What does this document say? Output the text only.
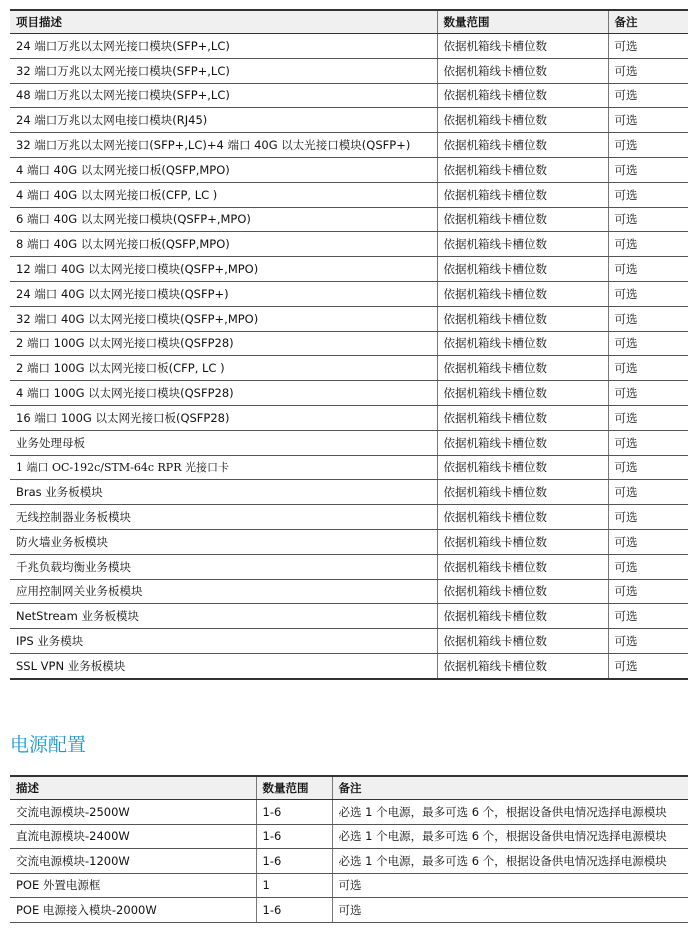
项目描述	数量范围	备注
24 端口万兆以太网光接口模块(SFP+,LC)	依据机箱线卡槽位数	可选
32 端口万兆以太网光接口模块(SFP+,LC)	依据机箱线卡槽位数	可选
48 端口万兆以太网光接口模块(SFP+,LC)	依据机箱线卡槽位数	可选
24 端口万兆以太网电接口模块(RJ45)	依据机箱线卡槽位数	可选
32 端口万兆以太网光接口(SFP+,LC)+4 端口 40G 以太光接口模块(QSFP+)	依据机箱线卡槽位数	可选
4 端口 40G 以太网光接口板(QSFP,MPO)	依据机箱线卡槽位数	可选
4 端口 40G 以太网光接口板(CFP, LC )	依据机箱线卡槽位数	可选
6 端口 40G 以太网光接口模块(QSFP+,MPO)	依据机箱线卡槽位数	可选
8 端口 40G 以太网光接口板(QSFP,MPO)	依据机箱线卡槽位数	可选
12 端口 40G 以太网光接口模块(QSFP+,MPO)	依据机箱线卡槽位数	可选
24 端口 40G 以太网光接口模块(QSFP+)	依据机箱线卡槽位数	可选
32 端口 40G 以太网光接口模块(QSFP+,MPO)	依据机箱线卡槽位数	可选
2 端口 100G 以太网光接口模块(QSFP28)	依据机箱线卡槽位数	可选
2 端口 100G 以太网光接口板(CFP, LC )	依据机箱线卡槽位数	可选
4 端口 100G 以太网光接口模块(QSFP28)	依据机箱线卡槽位数	可选
16 端口 100G 以太网光接口板(QSFP28)	依据机箱线卡槽位数	可选
业务处理母板	依据机箱线卡槽位数	可选
1 端口 OC-192c/STM-64c RPR 光接口卡	依据机箱线卡槽位数	可选
Bras 业务板模块	依据机箱线卡槽位数	可选
无线控制器业务板模块	依据机箱线卡槽位数	可选
防火墙业务板模块	依据机箱线卡槽位数	可选
千兆负载均衡业务模块	依据机箱线卡槽位数	可选
应用控制网关业务板模块	依据机箱线卡槽位数	可选
NetStream 业务板模块	依据机箱线卡槽位数	可选
IPS 业务模块	依据机箱线卡槽位数	可选
SSL VPN 业务板模块	依据机箱线卡槽位数	可选
电源配置
描述	数量范围	备注
交流电源模块-2500W	1-6	必选 1 个电源，最多可选 6 个，根据设备供电情况选择电源模块
直流电源模块-2400W	1-6	必选 1 个电源，最多可选 6 个，根据设备供电情况选择电源模块
交流电源模块-1200W	1-6	必选 1 个电源，最多可选 6 个，根据设备供电情况选择电源模块
POE 外置电源框	1	可选
POE 电源接入模块-2000W	1-6	可选
